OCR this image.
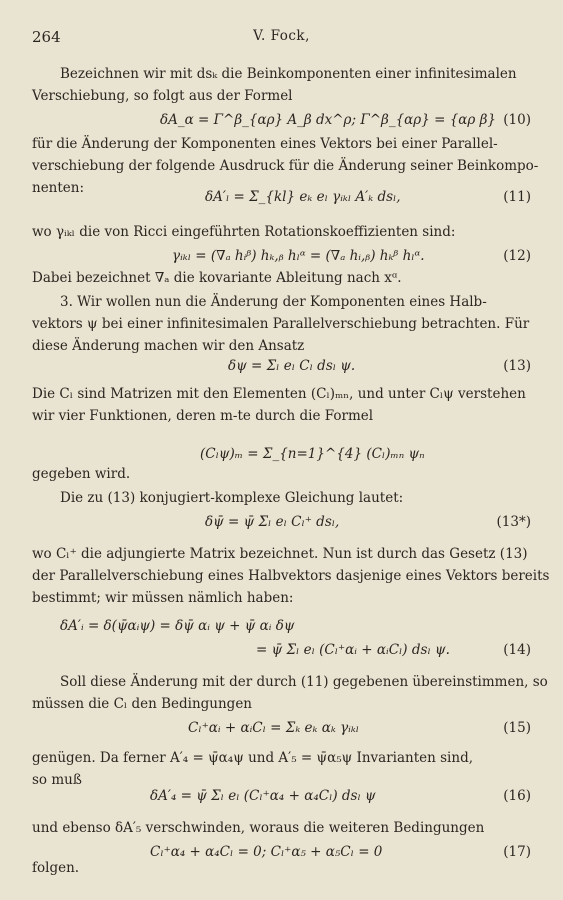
264	V. Fock,
Bezeichnen wir mit dsₖ die Beinkomponenten einer infinitesimalen
Verschiebung, so folgt aus der Formel
δA_α = Γ^β_{αρ} A_β dx^ρ; Γ^β_{αρ} = {αρ β} (10)
für die Änderung der Komponenten eines Vektors bei einer Parallel-
verschiebung der folgende Ausdruck für die Änderung seiner Beinkompo-
nenten:
δA′ₗ = Σ_{kl} eₖ eₗ γᵢₖₗ A′ₖ dsₗ,	(11)
wo γᵢₖₗ die von Ricci eingeführten Rotationskoeffizienten sind:
γᵢₖₗ = (∇ₐ hᵢᵝ) hₖ,ᵦ hₗᵅ = (∇ₐ hᵢ,ᵦ) hₖᵝ hₗᵅ.	(12)
Dabei bezeichnet ∇ₐ die kovariante Ableitung nach xᵅ.
3. Wir wollen nun die Änderung der Komponenten eines Halb-
vektors ψ bei einer infinitesimalen Parallelverschiebung betrachten. Für
diese Änderung machen wir den Ansatz
δψ = Σₗ eₗ Cₗ dsₗ ψ.	(13)
Die Cₗ sind Matrizen mit den Elementen (Cₗ)ₘₙ, und unter Cₗψ verstehen
wir vier Funktionen, deren m-te durch die Formel
(Cₗψ)ₘ = Σ_{n=1}^{4} (Cₗ)ₘₙ ψₙ
gegeben wird.
Die zu (13) konjugiert-komplexe Gleichung lautet:
δψ̄ = ψ̄ Σₗ eₗ Cₗ⁺ dsₗ,	(13*)
wo Cₗ⁺ die adjungierte Matrix bezeichnet. Nun ist durch das Gesetz (13)
der Parallelverschiebung eines Halbvektors dasjenige eines Vektors bereits
bestimmt; wir müssen nämlich haben:
δA′ᵢ = δ(ψ̄αᵢψ) = δψ̄ αᵢ ψ + ψ̄ αᵢ δψ
= ψ̄ Σₗ eₗ (Cₗ⁺αᵢ + αᵢCₗ) dsₗ ψ.	(14)
Soll diese Änderung mit der durch (11) gegebenen übereinstimmen, so
müssen die Cₗ den Bedingungen
Cₗ⁺αᵢ + αᵢCₗ = Σₖ eₖ αₖ γᵢₖₗ	(15)
genügen. Da ferner A′₄ = ψ̄α₄ψ und A′₅ = ψ̄α₅ψ Invarianten sind,
so muß
δA′₄ = ψ̄ Σₗ eₗ (Cₗ⁺α₄ + α₄Cₗ) dsₗ ψ	(16)
und ebenso δA′₅ verschwinden, woraus die weiteren Bedingungen
Cₗ⁺α₄ + α₄Cₗ = 0; Cₗ⁺α₅ + α₅Cₗ = 0	(17)
folgen.
